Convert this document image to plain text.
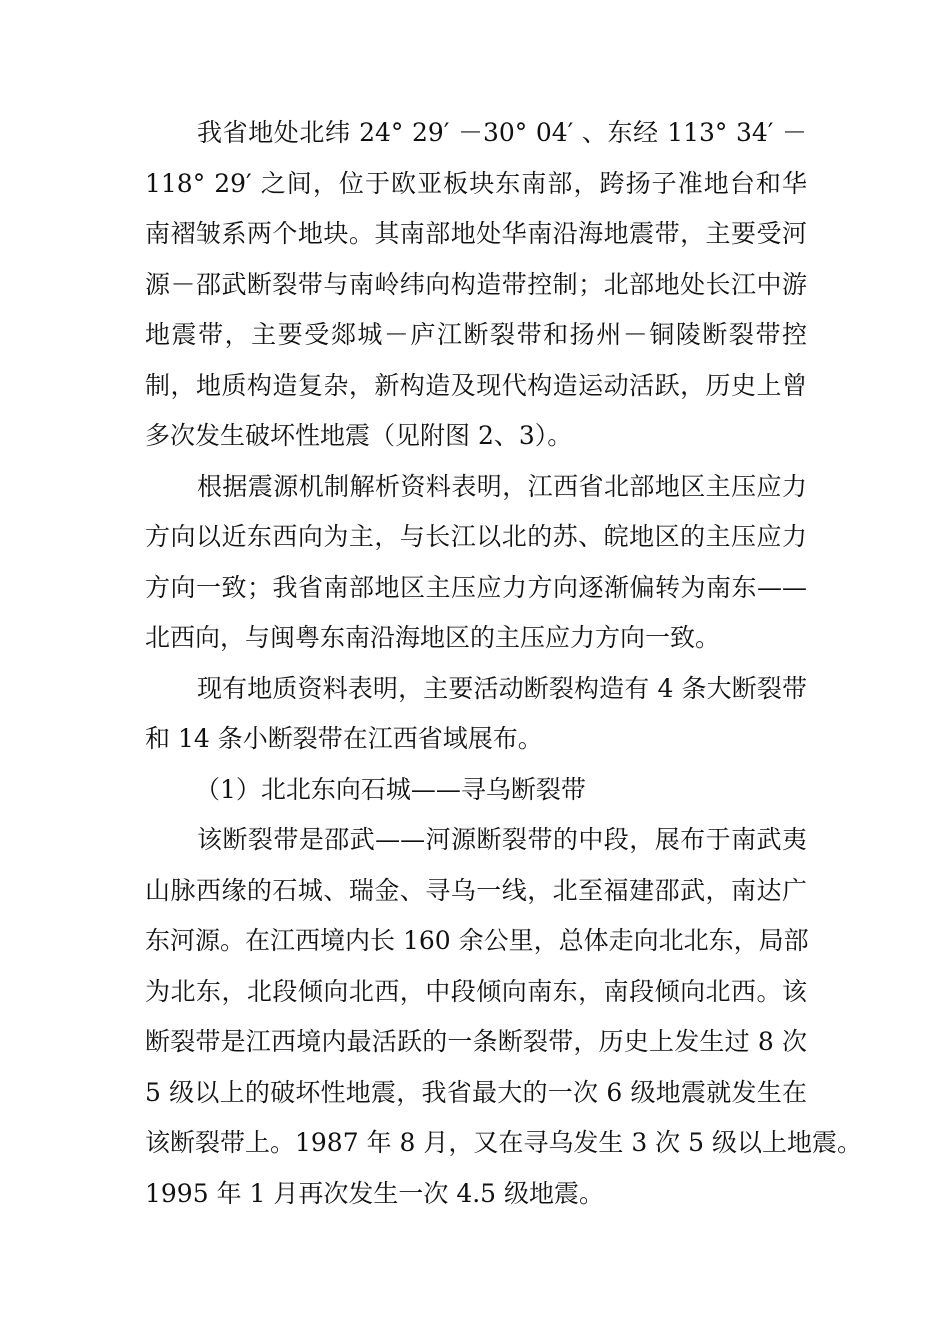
我省地处北纬 24° 29′ －30° 04′ 、东经 113° 34′ －
118° 29′ 之间，位于欧亚板块东南部，跨扬子准地台和华
南褶皱系两个地块。其南部地处华南沿海地震带，主要受河
源－邵武断裂带与南岭纬向构造带控制；北部地处长江中游
地震带，主要受郯城－庐江断裂带和扬州－铜陵断裂带控
制，地质构造复杂，新构造及现代构造运动活跃，历史上曾
多次发生破坏性地震（见附图 2、3）。
根据震源机制解析资料表明，江西省北部地区主压应力
方向以近东西向为主，与长江以北的苏、皖地区的主压应力
方向一致；我省南部地区主压应力方向逐渐偏转为南东——
北西向，与闽粤东南沿海地区的主压应力方向一致。
现有地质资料表明，主要活动断裂构造有 4 条大断裂带
和 14 条小断裂带在江西省域展布。
（1）北北东向石城——寻乌断裂带
该断裂带是邵武——河源断裂带的中段，展布于南武夷
山脉西缘的石城、瑞金、寻乌一线，北至福建邵武，南达广
东河源。在江西境内长 160 余公里，总体走向北北东，局部
为北东，北段倾向北西，中段倾向南东，南段倾向北西。该
断裂带是江西境内最活跃的一条断裂带，历史上发生过 8 次
5 级以上的破坏性地震，我省最大的一次 6 级地震就发生在
该断裂带上。1987 年 8 月，又在寻乌发生 3 次 5 级以上地震。
1995 年 1 月再次发生一次 4.5 级地震。
